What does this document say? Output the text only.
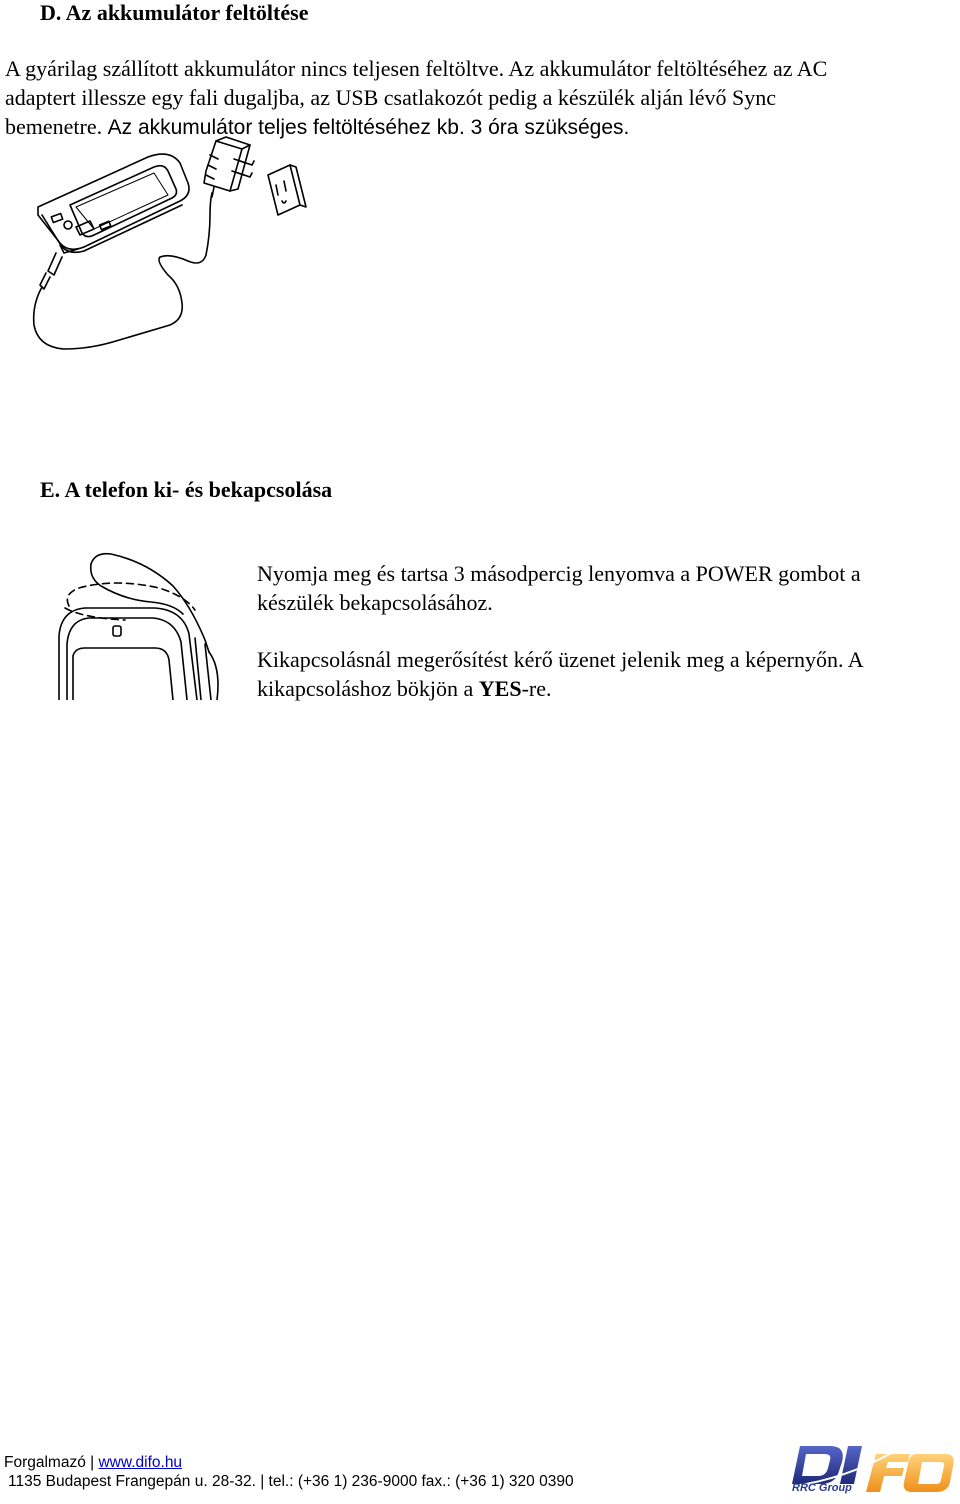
D. Az akkumulátor feltöltése
A gyárilag szállított akkumulátor nincs teljesen feltöltve. Az akkumulátor feltöltéséhez az AC
adaptert illessze egy fali dugaljba, az USB csatlakozót pedig a készülék alján lévő Sync
bemenetre. Az akkumulátor teljes feltöltéséhez kb. 3 óra szükséges.
E. A telefon ki- és bekapcsolása
Nyomja meg és tartsa 3 másodpercig lenyomva a POWER gombot a
készülék bekapcsolásához.
Kikapcsolásnál megerősítést kérő üzenet jelenik meg a képernyőn. A
kikapcsoláshoz bökjön a YES-re.
Forgalmazó | www.difo.hu
1135 Budapest Frangepán u. 28-32. | tel.: (+36 1) 236-9000 fax.: (+36 1) 320 0390	RRC Group
